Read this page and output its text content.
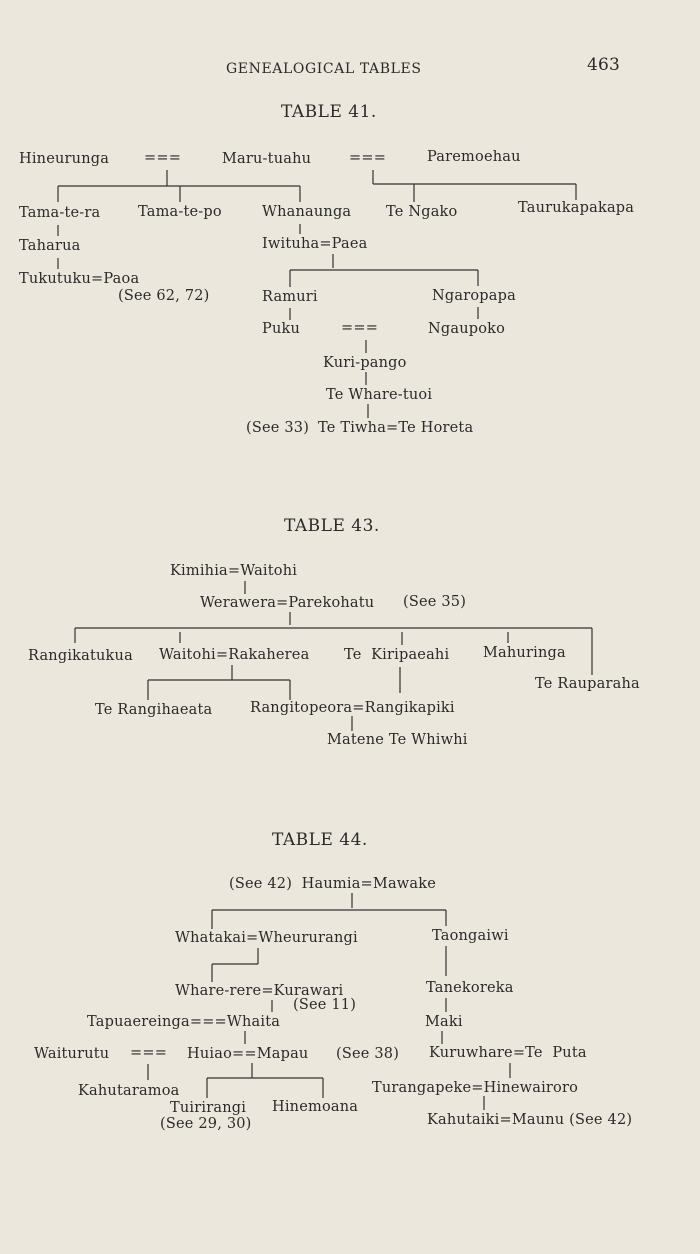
GENEALOGICAL TABLES	463
TABLE 41.
Hineurunga ===	Maru-tuahu	===	Paremoehau
Tama-te-ra	Tama-te-po	Whanaunga Te Ngako	Taurukapakapa
Taharua	Iwituha=Paea
Tukutuku=Paoa
(See 62, 72)	Ramuri	Ngaropapa
Puku	===	Ngaupoko
Kuri-pango
Te Whare-tuoi
(See 33) Te Tiwha=Te Horeta
TABLE 43.
Kimihia=Waitohi
Werawera=Parekohatu (See 35)
Rangikatukua Waitohi=Rakaherea Te  Kiripaeahi Mahuringa
Te Rauparaha
Te Rangihaeata	Rangitopeora=Rangikapiki
Matene Te Whiwhi
TABLE 44.
(See 42)  Haumia=Mawake
Whatakai=Wheururangi	Taongaiwi
Whare-rere=Kurawari
(See 11)
Tanekoreka
Tapuaereinga===Whaita	Maki
Waiturutu === Huiao==Mapau (See 38) Kuruwhare=Te  Puta
Kahutaramoa	Turangapeke=Hinewairoro
Tuirirangi Hinemoana
(See 29, 30)	Kahutaiki=Maunu (See 42)
